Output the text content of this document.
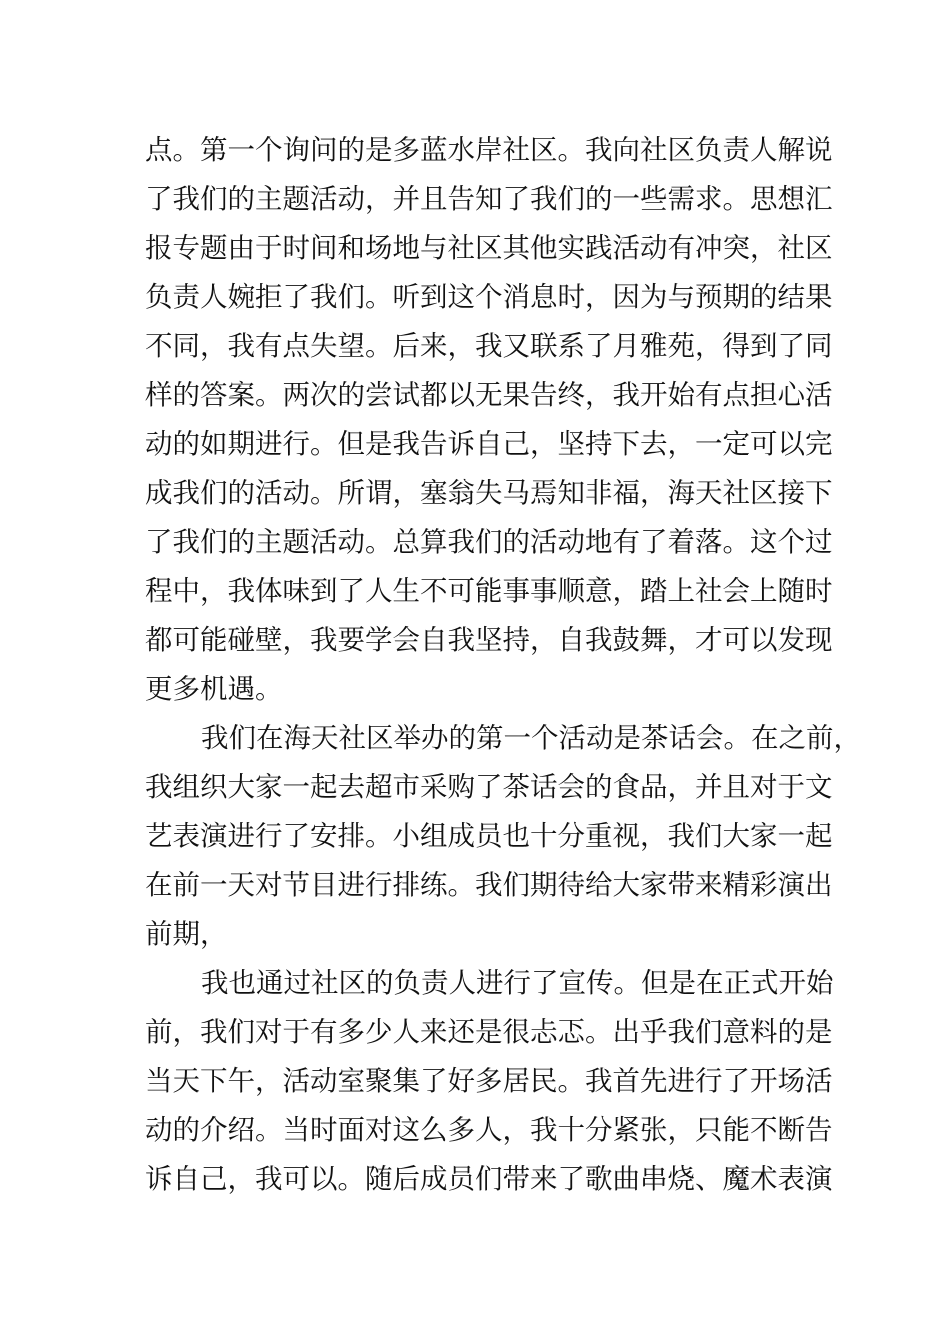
点。第一个询问的是多蓝水岸社区。我向社区负责人解说
了我们的主题活动，并且告知了我们的一些需求。思想汇
报专题由于时间和场地与社区其他实践活动有冲突，社区
负责人婉拒了我们。听到这个消息时，因为与预期的结果
不同，我有点失望。后来，我又联系了月雅苑，得到了同
样的答案。两次的尝试都以无果告终，我开始有点担心活
动的如期进行。但是我告诉自己，坚持下去，一定可以完
成我们的活动。所谓，塞翁失马焉知非福，海天社区接下
了我们的主题活动。总算我们的活动地有了着落。这个过
程中，我体味到了人生不可能事事顺意，踏上社会上随时
都可能碰壁，我要学会自我坚持，自我鼓舞，才可以发现
更多机遇。
我们在海天社区举办的第一个活动是茶话会。在之前，
我组织大家一起去超市采购了茶话会的食品，并且对于文
艺表演进行了安排。小组成员也十分重视，我们大家一起
在前一天对节目进行排练。我们期待给大家带来精彩演出
前期，
我也通过社区的负责人进行了宣传。但是在正式开始
前，我们对于有多少人来还是很忐忑。出乎我们意料的是
当天下午，活动室聚集了好多居民。我首先进行了开场活
动的介绍。当时面对这么多人，我十分紧张，只能不断告
诉自己，我可以。随后成员们带来了歌曲串烧、魔术表演
